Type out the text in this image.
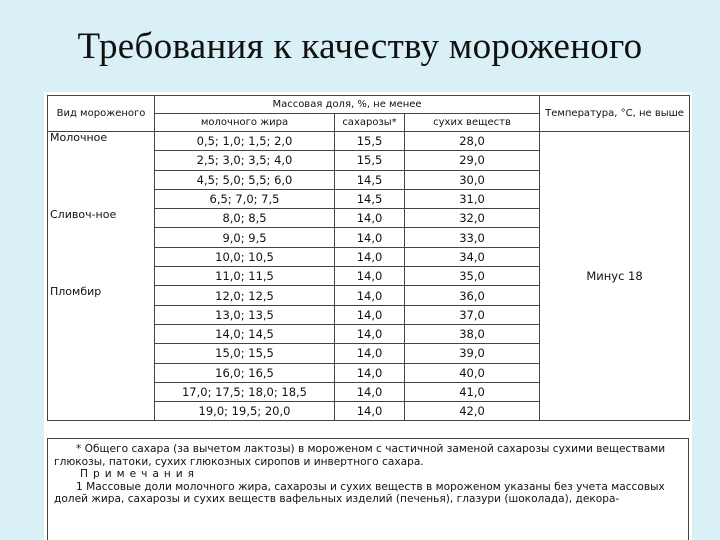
Требования к качеству мороженого
Вид мороженого	Массовая доля, %, не менее			Температура, °С, не выше
	молочного жира	сахарозы*	сухих веществ	
Молочное	0,5; 1,0; 1,5; 2,0	15,5	28,0	Минус 18
	2,5; 3,0; 3,5; 4,0	15,5	29,0	
	4,5; 5,0; 5,5; 6,0	14,5	30,0	
	6,5; 7,0; 7,5	14,5	31,0	
Сливоч-ное	8,0; 8,5	14,0	32,0	
	9,0; 9,5	14,0	33,0	
	10,0; 10,5	14,0	34,0	
	11,0; 11,5	14,0	35,0	
Пломбир	12,0; 12,5	14,0	36,0	
	13,0; 13,5	14,0	37,0	
	14,0; 14,5	14,0	38,0	
	15,0; 15,5	14,0	39,0	
	16,0; 16,5	14,0	40,0	
	17,0; 17,5; 18,0; 18,5	14,0	41,0	
	19,0; 19,5; 20,0	14,0	42,0	

* Общего сахара (за вычетом лактозы) в мороженом с частичной заменой сахарозы сухими веществами глюкозы, патоки, сухих глюкозных сиропов и инвертного сахара.

Примечания

1 Массовые доли молочного жира, сахарозы и сухих веществ в мороженом указаны без учета массовых долей жира, сахарозы и сухих веществ вафельных изделий (печенья), глазури (шоколада), декора-
